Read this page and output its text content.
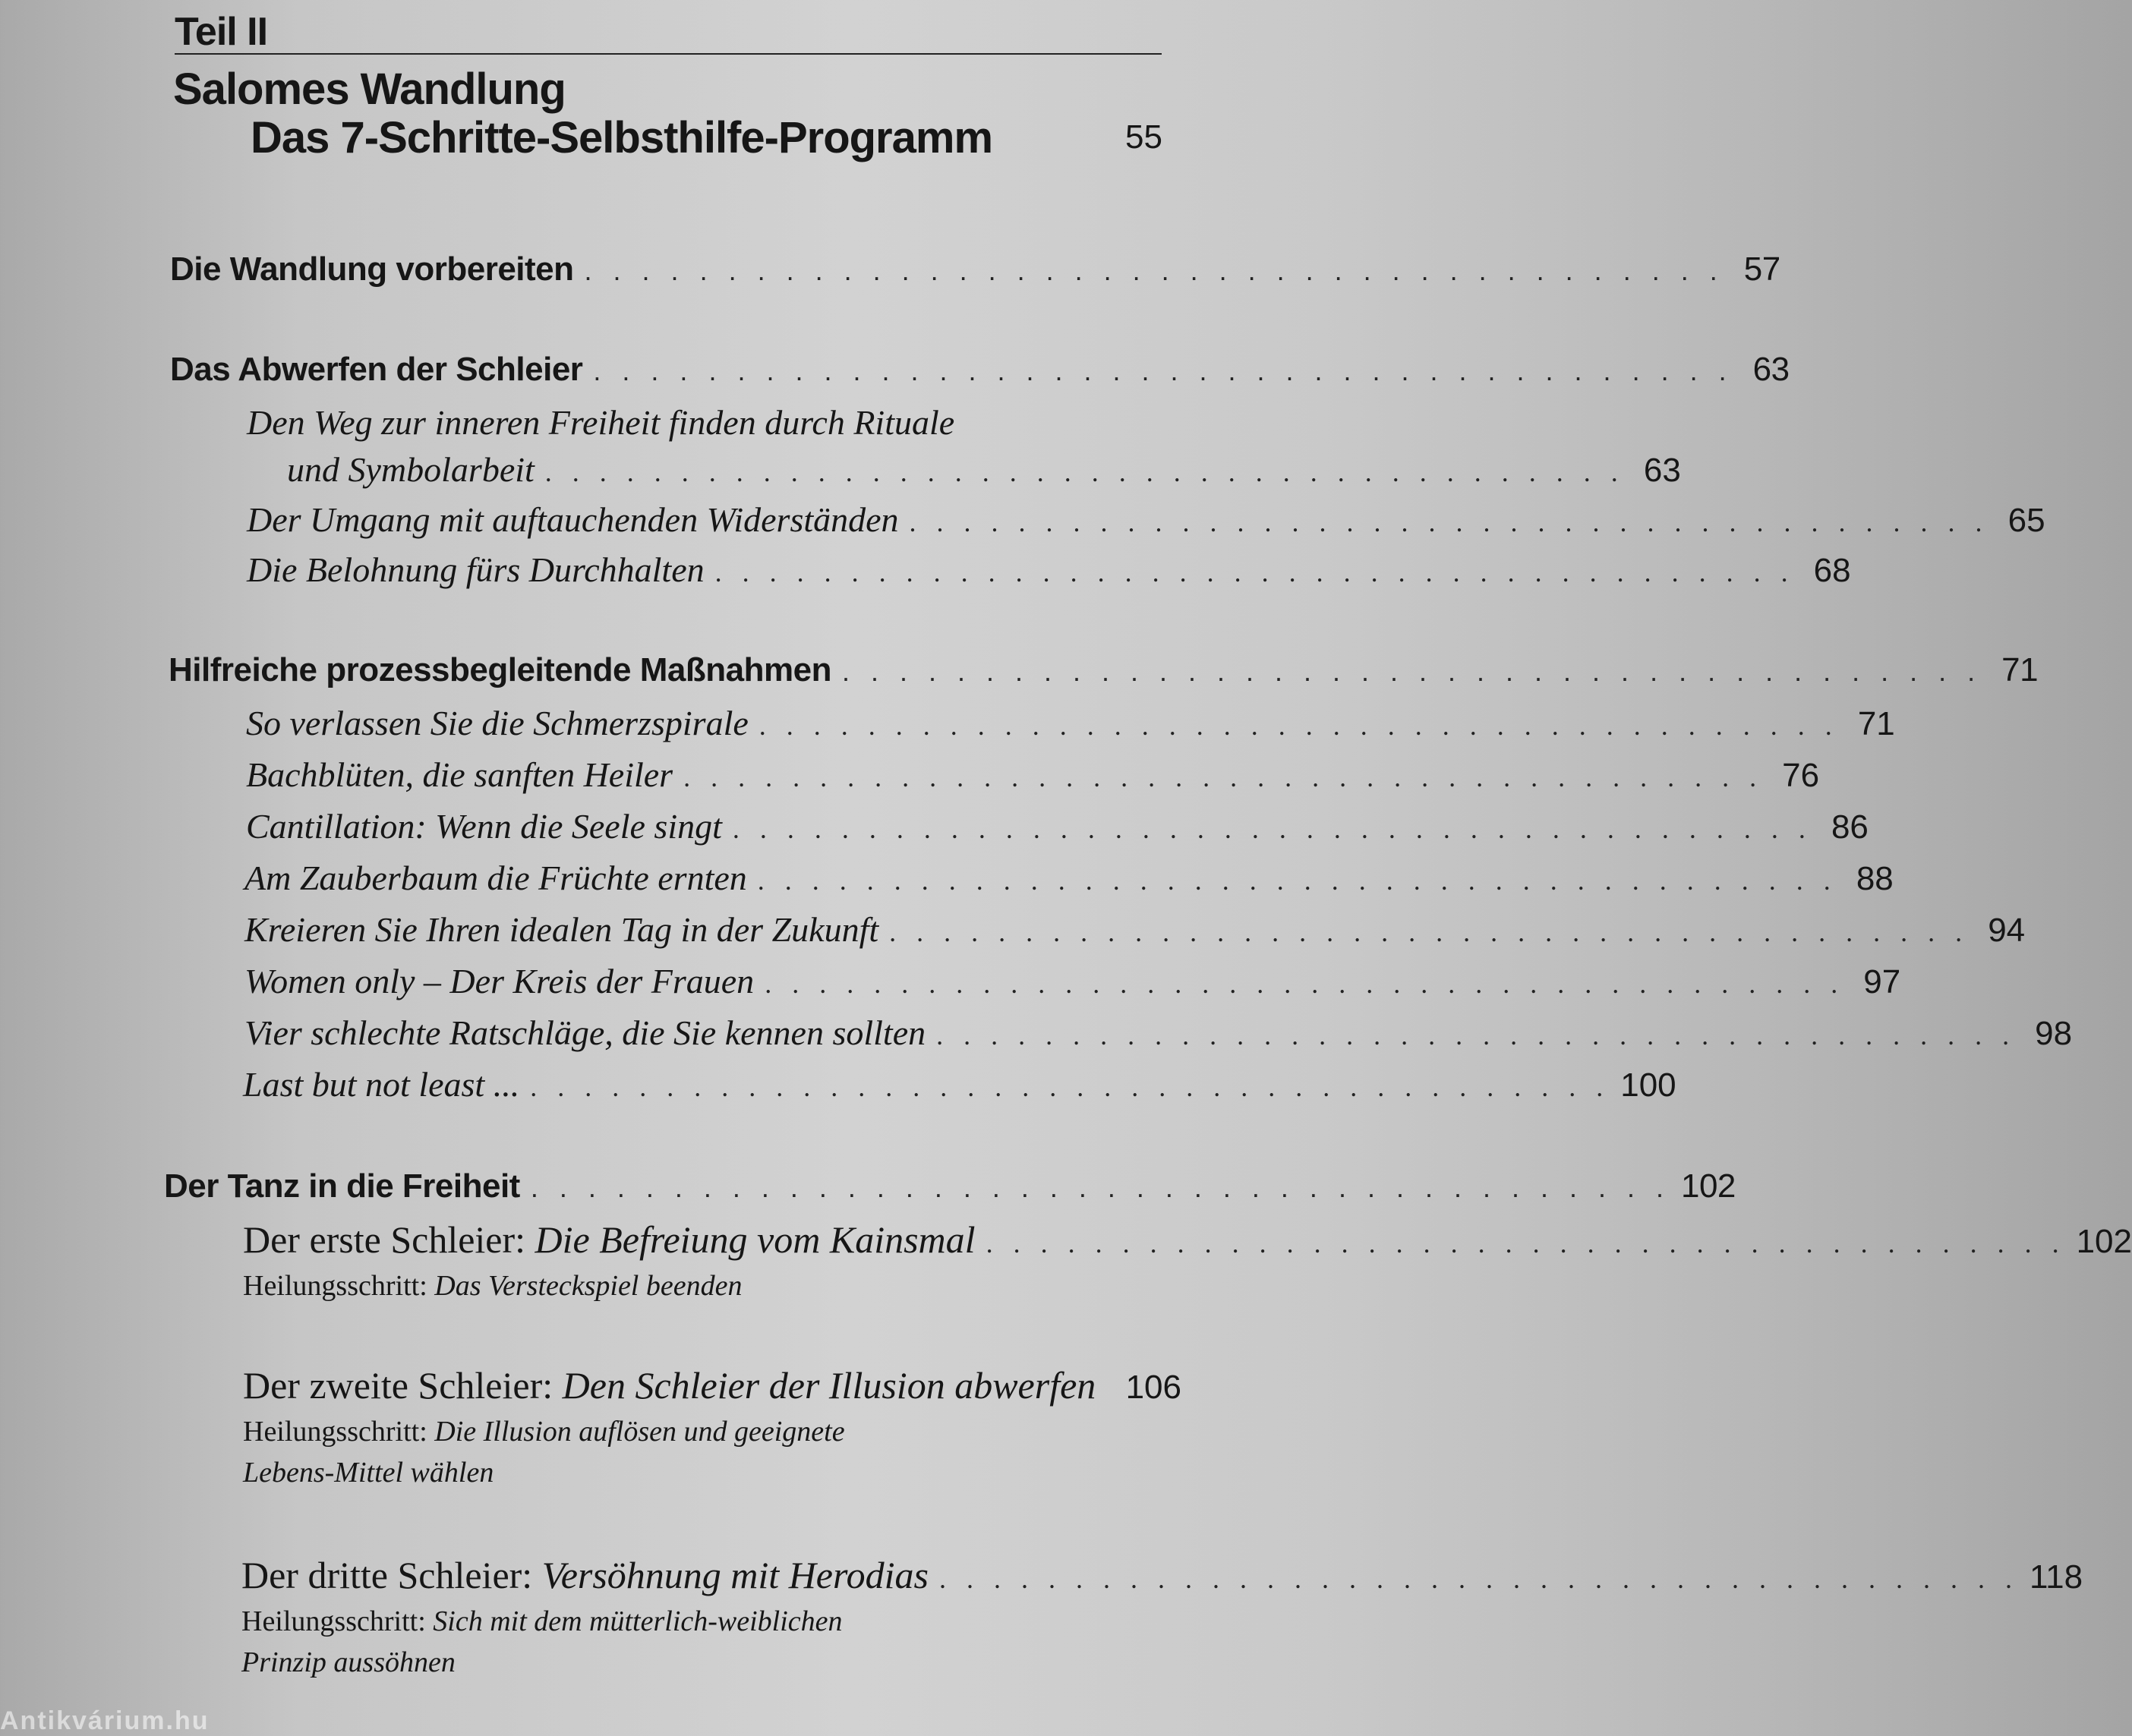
Teil II
Salomes Wandlung
Das 7-Schritte-Selbsthilfe-Programm	55
Die Wandlung vorbereiten . . . . . . . . . . . . . . . . . . . . . . . . . . . . . . . . . . . . . . . . 57
Das Abwerfen der Schleier . . . . . . . . . . . . . . . . . . . . . . . . . . . . . . . . . . . . . . . . 63
Den Weg zur inneren Freiheit finden durch Rituale
und Symbolarbeit . . . . . . . . . . . . . . . . . . . . . . . . . . . . . . . . . . . . . . . . 63
Der Umgang mit auftauchenden Widerständen . . . . . . . . . . . . . . . . . . . . . . . . . . . . . . . . . . . . . . . . 65
Die Belohnung fürs Durchhalten . . . . . . . . . . . . . . . . . . . . . . . . . . . . . . . . . . . . . . . . 68
Hilfreiche prozessbegleitende Maßnahmen . . . . . . . . . . . . . . . . . . . . . . . . . . . . . . . . . . . . . . . . 71
So verlassen Sie die Schmerzspirale . . . . . . . . . . . . . . . . . . . . . . . . . . . . . . . . . . . . . . . . 71
Bachblüten, die sanften Heiler . . . . . . . . . . . . . . . . . . . . . . . . . . . . . . . . . . . . . . . . 76
Cantillation: Wenn die Seele singt . . . . . . . . . . . . . . . . . . . . . . . . . . . . . . . . . . . . . . . . 86
Am Zauberbaum die Früchte ernten . . . . . . . . . . . . . . . . . . . . . . . . . . . . . . . . . . . . . . . . 88
Kreieren Sie Ihren idealen Tag in der Zukunft . . . . . . . . . . . . . . . . . . . . . . . . . . . . . . . . . . . . . . . . 94
Women only – Der Kreis der Frauen . . . . . . . . . . . . . . . . . . . . . . . . . . . . . . . . . . . . . . . . 97
Vier schlechte Ratschläge, die Sie kennen sollten . . . . . . . . . . . . . . . . . . . . . . . . . . . . . . . . . . . . . . . . 98
Last but not least ... . . . . . . . . . . . . . . . . . . . . . . . . . . . . . . . . . . . . . . . . 100
Der Tanz in die Freiheit . . . . . . . . . . . . . . . . . . . . . . . . . . . . . . . . . . . . . . . . 102
Der erste Schleier: Die Befreiung vom Kainsmal . . . . . . . . . . . . . . . . . . . . . . . . . . . . . . . . . . . . . . . . 102
Heilungsschritt: Das Versteckspiel beenden
Der zweite Schleier: Den Schleier der Illusion abwerfen 106
Heilungsschritt: Die Illusion auflösen und geeignete
Lebens-Mittel wählen
Der dritte Schleier: Versöhnung mit Herodias . . . . . . . . . . . . . . . . . . . . . . . . . . . . . . . . . . . . . . . . 118
Heilungsschritt: Sich mit dem mütterlich-weiblichen
Prinzip aussöhnen
Antikvárium.hu
